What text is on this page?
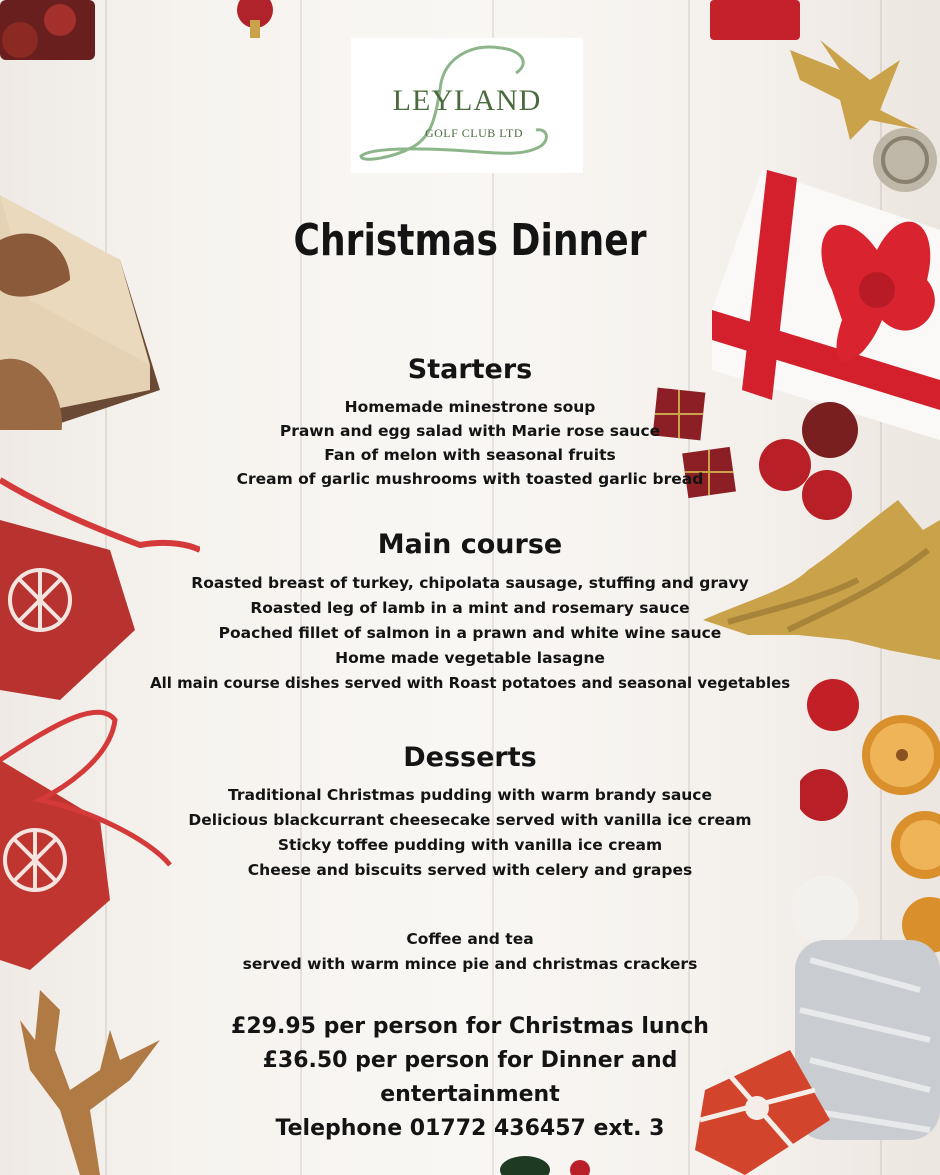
LEYLAND
GOLF CLUB LTD
Christmas Dinner
Starters
Homemade minestrone soup
Prawn and egg salad with Marie rose sauce
Fan of melon with seasonal fruits
Cream of garlic mushrooms with toasted garlic bread
Main course
Roasted breast of turkey, chipolata sausage, stuffing and gravy
Roasted leg of lamb in a mint and rosemary sauce
Poached fillet of salmon in a prawn and white wine sauce
Home made vegetable lasagne
All main course dishes served with Roast potatoes and seasonal vegetables
Desserts
Traditional Christmas pudding with warm brandy sauce
Delicious blackcurrant cheesecake served with vanilla ice cream
Sticky toffee pudding with vanilla ice cream
Cheese and biscuits served with celery and grapes
Coffee and tea
served with warm mince pie and christmas crackers
£29.95 per person for Christmas lunch
£36.50 per person for Dinner and
entertainment
Telephone 01772 436457 ext. 3
